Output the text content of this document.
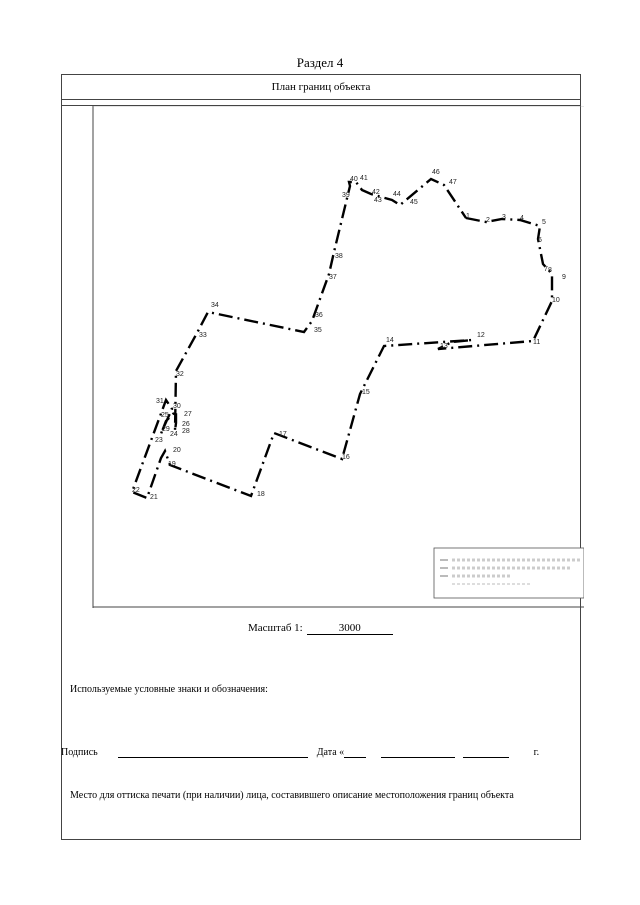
Раздел 4
План границ объекта
1
2 3 4
5
6
7 8
9
10
11
12
13
14
15
16
17
18
19
20
21
22
23
24
25
26
27
28
29
30
31
32
33
34
35
36
37
38
39
40 41
42
43
44
45
46
47
Масштаб 1:	3000
Используемые условные знаки и обозначения:
Подпись	Дата «	г.
Место для оттиска печати (при наличии) лица, составившего описание местоположения границ объекта
